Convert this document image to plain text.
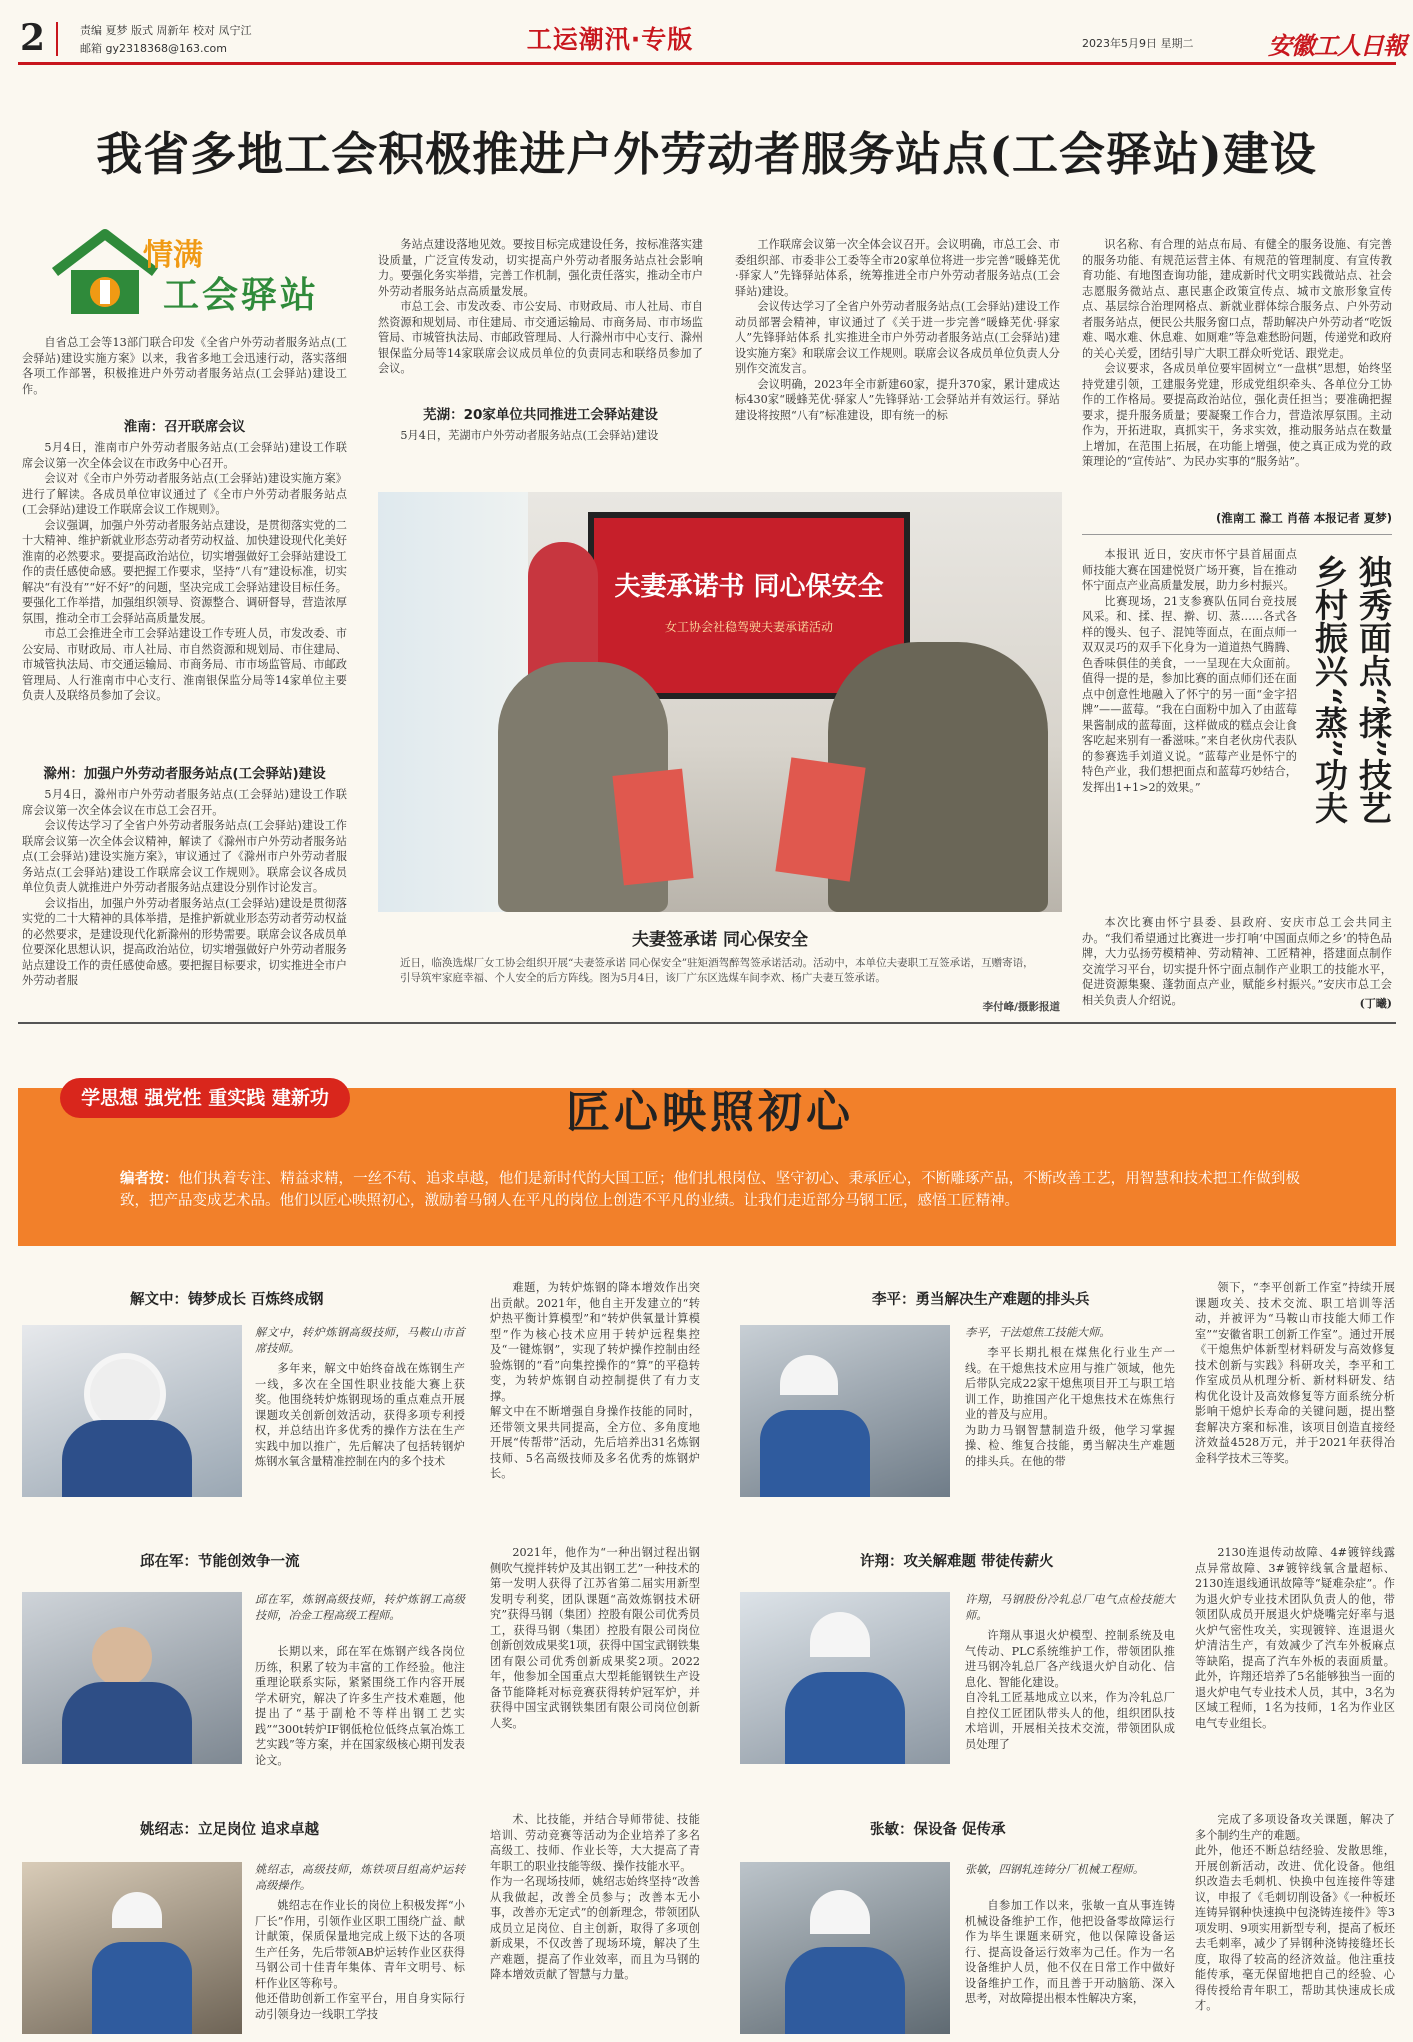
2	责编 夏梦 版式 周新年 校对 凤宁江
邮箱 gy2318368@163.com	工运潮汛·专版	2023年5月9日 星期二	安徽工人日報
我省多地工会积极推进户外劳动者服务站点(工会驿站)建设
情满
工会驿站

自省总工会等13部门联合印发《全省户外劳动者服务站点(工会驿站)建设实施方案》以来，我省多地工会迅速行动，落实落细各项工作部署，积极推进户外劳动者服务站点(工会驿站)建设工作。

淮南：召开联席会议

5月4日，淮南市户外劳动者服务站点(工会驿站)建设工作联席会议第一次全体会议在市政务中心召开。

会议对《全市户外劳动者服务站点(工会驿站)建设实施方案》进行了解读。各成员单位审议通过了《全市户外劳动者服务站点(工会驿站)建设工作联席会议工作规则》。

会议强调，加强户外劳动者服务站点建设，是贯彻落实党的二十大精神、维护新就业形态劳动者劳动权益、加快建设现代化美好淮南的必然要求。要提高政治站位，切实增强做好工会驿站建设工作的责任感使命感。要把握工作要求，坚持“八有”建设标准，切实解决“有没有”“好不好”的问题，坚决完成工会驿站建设目标任务。要强化工作举措，加强组织领导、资源整合、调研督导，营造浓厚氛围，推动全市工会驿站高质量发展。

市总工会推进全市工会驿站建设工作专班人员，市发改委、市公安局、市财政局、市人社局、市自然资源和规划局、市住建局、市城管执法局、市交通运输局、市商务局、市市场监管局、市邮政管理局、人行淮南市中心支行、淮南银保监分局等14家单位主要负责人及联络员参加了会议。

滁州：加强户外劳动者服务站点(工会驿站)建设

5月4日，滁州市户外劳动者服务站点(工会驿站)建设工作联席会议第一次全体会议在市总工会召开。

会议传达学习了全省户外劳动者服务站点(工会驿站)建设工作联席会议第一次全体会议精神，解读了《滁州市户外劳动者服务站点(工会驿站)建设实施方案》，审议通过了《滁州市户外劳动者服务站点(工会驿站)建设工作联席会议工作规则》。联席会议各成员单位负责人就推进户外劳动者服务站点建设分别作讨论发言。

会议指出，加强户外劳动者服务站点(工会驿站)建设是贯彻落实党的二十大精神的具体举措，是推护新就业形态劳动者劳动权益的必然要求，是建设现代化新滁州的形势需要。联席会议各成员单位要深化思想认识，提高政治站位，切实增强做好户外劳动者服务站点建设工作的责任感使命感。要把握目标要求，切实推进全市户外劳动者服

务站点建设落地见效。要按目标完成建设任务，按标准落实建设质量，广泛宣传发动，切实提高户外劳动者服务站点社会影响力。要强化务实举措，完善工作机制，强化责任落实，推动全市户外劳动者服务站点高质量发展。

市总工会、市发改委、市公安局、市财政局、市人社局、市自然资源和规划局、市住建局、市交通运输局、市商务局、市市场监管局、市城管执法局、市邮政管理局、人行滁州市中心支行、滁州银保监分局等14家联席会议成员单位的负责同志和联络员参加了会议。

芜湖：20家单位共同推进工会驿站建设

5月4日，芜湖市户外劳动者服务站点(工会驿站)建设

工作联席会议第一次全体会议召开。会议明确，市总工会、市委组织部、市委非公工委等全市20家单位将进一步完善“暖蜂芜优·驿家人”先锋驿站体系，统筹推进全市户外劳动者服务站点(工会驿站)建设。

会议传达学习了全省户外劳动者服务站点(工会驿站)建设工作动员部署会精神，审议通过了《关于进一步完善“暖蜂芜优·驿家人”先锋驿站体系 扎实推进全市户外劳动者服务站点(工会驿站)建设实施方案》和联席会议工作规则。联席会议各成员单位负责人分别作交流发言。

会议明确，2023年全市新建60家，提升370家，累计建成达标430家“暖蜂芜优·驿家人”先锋驿站·工会驿站并有效运行。驿站建设将按照“八有”标准建设，即有统一的标

识名称、有合理的站点布局、有健全的服务设施、有完善的服务功能、有规范运营主体、有规范的管理制度、有宣传教育功能、有地图查询功能，建成新时代文明实践微站点、社会志愿服务微站点、惠民惠企政策宣传点、城市文旅形象宣传点、基层综合治理网格点、新就业群体综合服务点、户外劳动者服务站点，便民公共服务窗口点，帮助解决户外劳动者“吃饭难、喝水难、休息难、如厕难”等急难愁盼问题，传递党和政府的关心关爱，团结引导广大职工群众听党话、跟党走。

会议要求，各成员单位要牢固树立“一盘棋”思想，始终坚持党建引领，工建服务党建，形成党组织牵头、各单位分工协作的工作格局。要提高政治站位，强化责任担当；要准确把握要求，提升服务质量；要凝聚工作合力，营造浓厚氛围。主动作为，开拓进取，真抓实干，务求实效，推动服务站点在数量上增加，在范围上拓展，在功能上增强，使之真正成为党的政策理论的“宣传站”、为民办实事的“服务站”。

(淮南工 滁工 肖蓓 本报记者 夏梦)
夫妻承诺书 同心保安全
女工协会社稳驾驶夫妻承诺活动
夫妻签承诺 同心保安全
近日，临涣选煤厂女工协会组织开展“夫妻签承诺 同心保安全”驻矩酒驾醉驾签承诺活动。活动中，本单位夫妻职工互签承诺，互赠寄语，引导筑牢家庭幸福、个人安全的后方阵线。图为5月4日，该厂广东区选煤车间李欢、杨广夫妻互签承诺。
李付峰/摄影报道
乡村振兴“蒸”功夫 独秀面点“揉”技艺

本报讯 近日，安庆市怀宁县首届面点师技能大赛在国建悦贤广场开赛，旨在推动怀宁面点产业高质量发展，助力乡村振兴。

比赛现场，21支参赛队伍同台竞技展风采。和、揉、捏、擀、切、蒸……各式各样的馒头、包子、混饨等面点，在面点师一双双灵巧的双手下化身为一道道热气腾腾、色香味俱佳的美食，一一呈现在大众面前。值得一提的是，参加比赛的面点师们还在面点中创意性地融入了怀宁的另一面“金字招牌”——蓝莓。“我在白面粉中加入了由蓝莓果酱制成的蓝莓面，这样做成的糕点会让食客吃起来别有一番滋味。”来自老伙房代表队的参赛选手刘道义说。“蓝莓产业是怀宁的特色产业，我们想把面点和蓝莓巧妙结合，发挥出1+1>2的效果。”

本次比赛由怀宁县委、县政府、安庆市总工会共同主办。“我们希望通过比赛进一步打响‘中国面点师之乡’的特色品牌，大力弘扬劳模精神、劳动精神、工匠精神，搭建面点制作交流学习平台，切实提升怀宁面点制作产业职工的技能水平，促进资源集聚、蓬勃面点产业，赋能乡村振兴。”安庆市总工会相关负责人介绍说。	(丁曦)
学思想 强党性 重实践 建新功	匠心映照初心
编者按：他们执着专注、精益求精，一丝不苟、追求卓越，他们是新时代的大国工匠；他们扎根岗位、坚守初心、秉承匠心，不断雕琢产品，不断改善工艺，用智慧和技术把工作做到极致，把产品变成艺术品。他们以匠心映照初心，激励着马钢人在平凡的岗位上创造不平凡的业绩。让我们走近部分马钢工匠，感悟工匠精神。
解文中：铸梦成长 百炼终成钢
解文中，转炉炼钢高级技师，马鞍山市首席技师。

多年来，解文中始终奋战在炼钢生产一线，多次在全国性职业技能大赛上获奖。他围绕转炉炼钢现场的重点难点开展课题攻关创新创效活动，获得多项专利授权，并总结出许多优秀的操作方法在生产实践中加以推广，先后解决了包括转钢炉炼钢水氧含量精准控制在内的多个技术

难题，为转炉炼钢的降本增效作出突出贡献。2021年，他自主开发建立的“转炉热平衡计算模型”和“转炉供氧量计算模型”作为核心技术应用于转炉远程集控及“一键炼钢”，实现了转炉操作控制由经验炼钢的“看”向集控操作的“算”的平稳转变，为转炉炼钢自动控制提供了有力支撑。
解文中在不断增强自身操作技能的同时，还带领文果共同提高，全方位、多角度地开展“传帮带”活动，先后培养出31名炼钢技师、5名高级技师及多名优秀的炼钢炉长。

李平：勇当解决生产难题的排头兵
李平，干法熄焦工技能大师。

李平长期扎根在煤焦化行业生产一线。在干熄焦技术应用与推广领域，他先后带队完成22家干熄焦项目开工与职工培训工作，助推国产化干熄焦技术在炼焦行业的普及与应用。
为助力马钢智慧制造升级，他学习掌握操、检、维复合技能，勇当解决生产难题的排头兵。在他的带

领下，“李平创新工作室”持续开展课题攻关、技术交流、职工培训等活动，并被评为“马鞍山市技能大师工作室”“安徽省职工创新工作室”。通过开展《干熄焦炉体新型材料研发与高效修复技术创新与实践》科研攻关，李平和工作室成员从机理分析、新材料研发、结构优化设计及高效修复等方面系统分析影响干熄炉长寿命的关键问题，提出整套解决方案和标准，该项目创造直接经济效益4528万元，并于2021年获得冶金科学技术三等奖。

邱在军：节能创效争一流
邱在军，炼钢高级技师，转炉炼钢工高级技师，冶金工程高级工程师。

长期以来，邱在军在炼钢产线各岗位历练，积累了较为丰富的工作经验。他注重理论联系实际，紧紧围绕工作内容开展学术研究，解决了许多生产技术难题，他提出了“基于副枪不等样出钢工艺实践”“300t转炉IF钢低枪位低终点氧冶炼工艺实践”等方案，并在国家级核心期刊发表论文。

2021年，他作为“一种出钢过程出钢侧吹气搅拌转炉及其出钢工艺”一种技术的第一发明人获得了江苏省第二届实用新型发明专利奖，团队课题“高效炼钢技术研究”获得马钢（集团）控股有限公司优秀员工，获得马钢（集团）控股有限公司岗位创新创效成果奖1项，获得中国宝武钢铁集团有限公司优秀创新成果奖2项。2022年，他参加全国重点大型耗能钢铁生产设备节能降耗对标竞赛获得转炉冠军炉，并获得中国宝武钢铁集团有限公司岗位创新人奖。

许翔：攻关解难题 带徒传薪火
许翔，马钢股份冷轧总厂电气点检技能大师。

许翔从事退火炉模型、控制系统及电气传动、PLC系统维护工作，带领团队推进马钢冷轧总厂各产线退火炉自动化、信息化、智能化建设。
自冷轧工匠基地成立以来，作为冷轧总厂自控仪工匠团队带头人的他，组织团队技术培训，开展相关技术交流，带领团队成员处理了

2130连退传动故障、4#镀锌线露点异常故障、3#镀锌线氧含量超标、2130连退线通讯故障等“疑难杂症”。作为退火炉专业技术团队负责人的他，带领团队成员开展退火炉烧嘴完好率与退火炉气密性攻关，实现镀锌、连退退火炉清洁生产，有效减少了汽车外板麻点等缺陷，提高了汽车外板的表面质量。此外，许翔还培养了5名能够独当一面的退火炉电气专业技术人员，其中，3名为区域工程师，1名为技师，1名为作业区电气专业组长。

姚绍志：立足岗位 追求卓越
姚绍志，高级技师，炼铁项目组高炉运转高级操作。

姚绍志在作业长的岗位上积极发挥“小厂长”作用，引领作业区职工围绕广益、献计献策，保质保量地完成上级下达的各项生产任务，先后带领AB炉运转作业区获得马钢公司十佳青年集体、青年文明号、标杆作业区等称号。
他还借助创新工作室平台，用自身实际行动引领身边一线职工学技

术、比技能，并结合导师带徒、技能培训、劳动竞赛等活动为企业培养了多名高级工、技师、作业长等，大大提高了青年职工的职业技能等级、操作技能水平。
作为一名现场技师，姚绍志始终坚持“改善从我做起，改善全员参与；改善本无小事，改善亦无定式”的创新理念，带领团队成员立足岗位、自主创新，取得了多项创新成果，不仅改善了现场环境，解决了生产难题，提高了作业效率，而且为马钢的降本增效贡献了智慧与力量。

张敏：保设备 促传承
张敏，四钢轧连铸分厂机械工程师。

自参加工作以来，张敏一直从事连铸机械设备维护工作，他把设备零故障运行作为毕生课题来研究，他以保障设备运行、提高设备运行效率为己任。作为一名设备维护人员，他不仅在日常工作中做好设备维护工作，而且善于开动脑筋、深入思考，对故障提出根本性解决方案，

完成了多项设备攻关课题，解决了多个制约生产的难题。
此外，他还不断总结经验、发散思维，开展创新活动，改进、优化设备。他组织改造去毛刺机、快换中包连接件等建议，申报了《毛刺切削设备》《一种板坯连铸异钢种快速换中包浇铸连接件》等3项发明、9项实用新型专利，提高了板坯去毛刺率，减少了异钢种浇铸接缝坯长度，取得了较高的经济效益。他注重技能传承，毫无保留地把自己的经验、心得传授给青年职工，帮助其快速成长成才。
